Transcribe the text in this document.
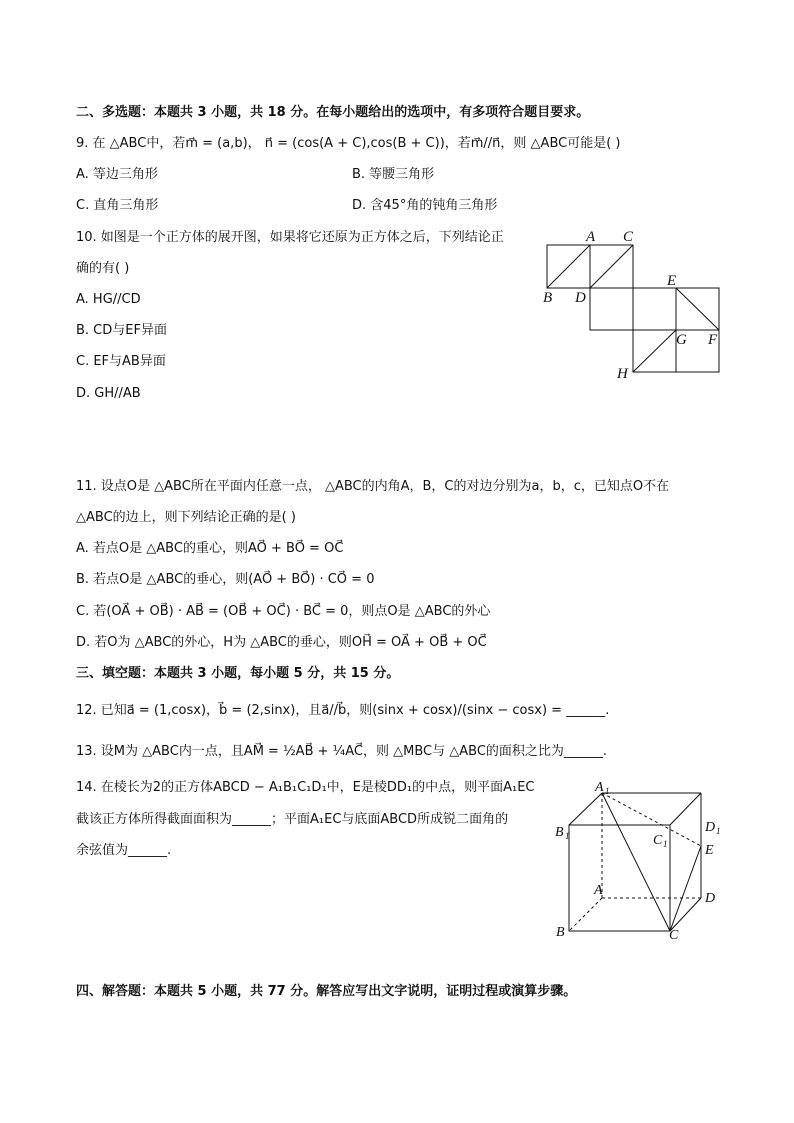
二、多选题：本题共 3 小题，共 18 分。在每小题给出的选项中，有多项符合题目要求。
9. 在 △ABC中，若m⃗ = (a,b)， n⃗ = (cos(A + C),cos(B + C))，若m⃗//n⃗，则 △ABC可能是( )
A. 等边三角形	B. 等腰三角形
C. 直角三角形	D. 含45°角的钝角三角形
10. 如图是一个正方体的展开图，如果将它还原为正方体之后，下列结论正
确的有( )
A. HG//CD
B. CD与EF异面
C. EF与AB异面
D. GH//AB
A C
B D
E
F
G
H
11. 设点O是 △ABC所在平面内任意一点， △ABC的内角A，B，C的对边分别为a，b，c，已知点O不在
△ABC的边上，则下列结论正确的是( )
A. 若点O是 △ABC的重心，则AO⃗ + BO⃗ = OC⃗
B. 若点O是 △ABC的垂心，则(AO⃗ + BO⃗) · CO⃗ = 0
C. 若(OA⃗ + OB⃗) · AB⃗ = (OB⃗ + OC⃗) · BC⃗ = 0，则点O是 △ABC的外心
D. 若O为 △ABC的外心，H为 △ABC的垂心，则OH⃗ = OA⃗ + OB⃗ + OC⃗
三、填空题：本题共 3 小题，每小题 5 分，共 15 分。
12. 已知a⃗ = (1,cosx)，b⃗ = (2,sinx)，且a⃗//b⃗，则(sinx + cosx)/(sinx − cosx) = ______.
13. 设M为 △ABC内一点，且AM⃗ = ½AB⃗ + ¼AC⃗，则 △MBC与 △ABC的面积之比为______.
14. 在棱长为2的正方体ABCD − A₁B₁C₁D₁中，E是棱DD₁的中点，则平面A₁EC
截该正方体所得截面面积为______；平面A₁EC与底面ABCD所成锐二面角的
余弦值为______.
A 1
D 1
B 1	C 1	E
A
D
B	C
四、解答题：本题共 5 小题，共 77 分。解答应写出文字说明，证明过程或演算步骤。
